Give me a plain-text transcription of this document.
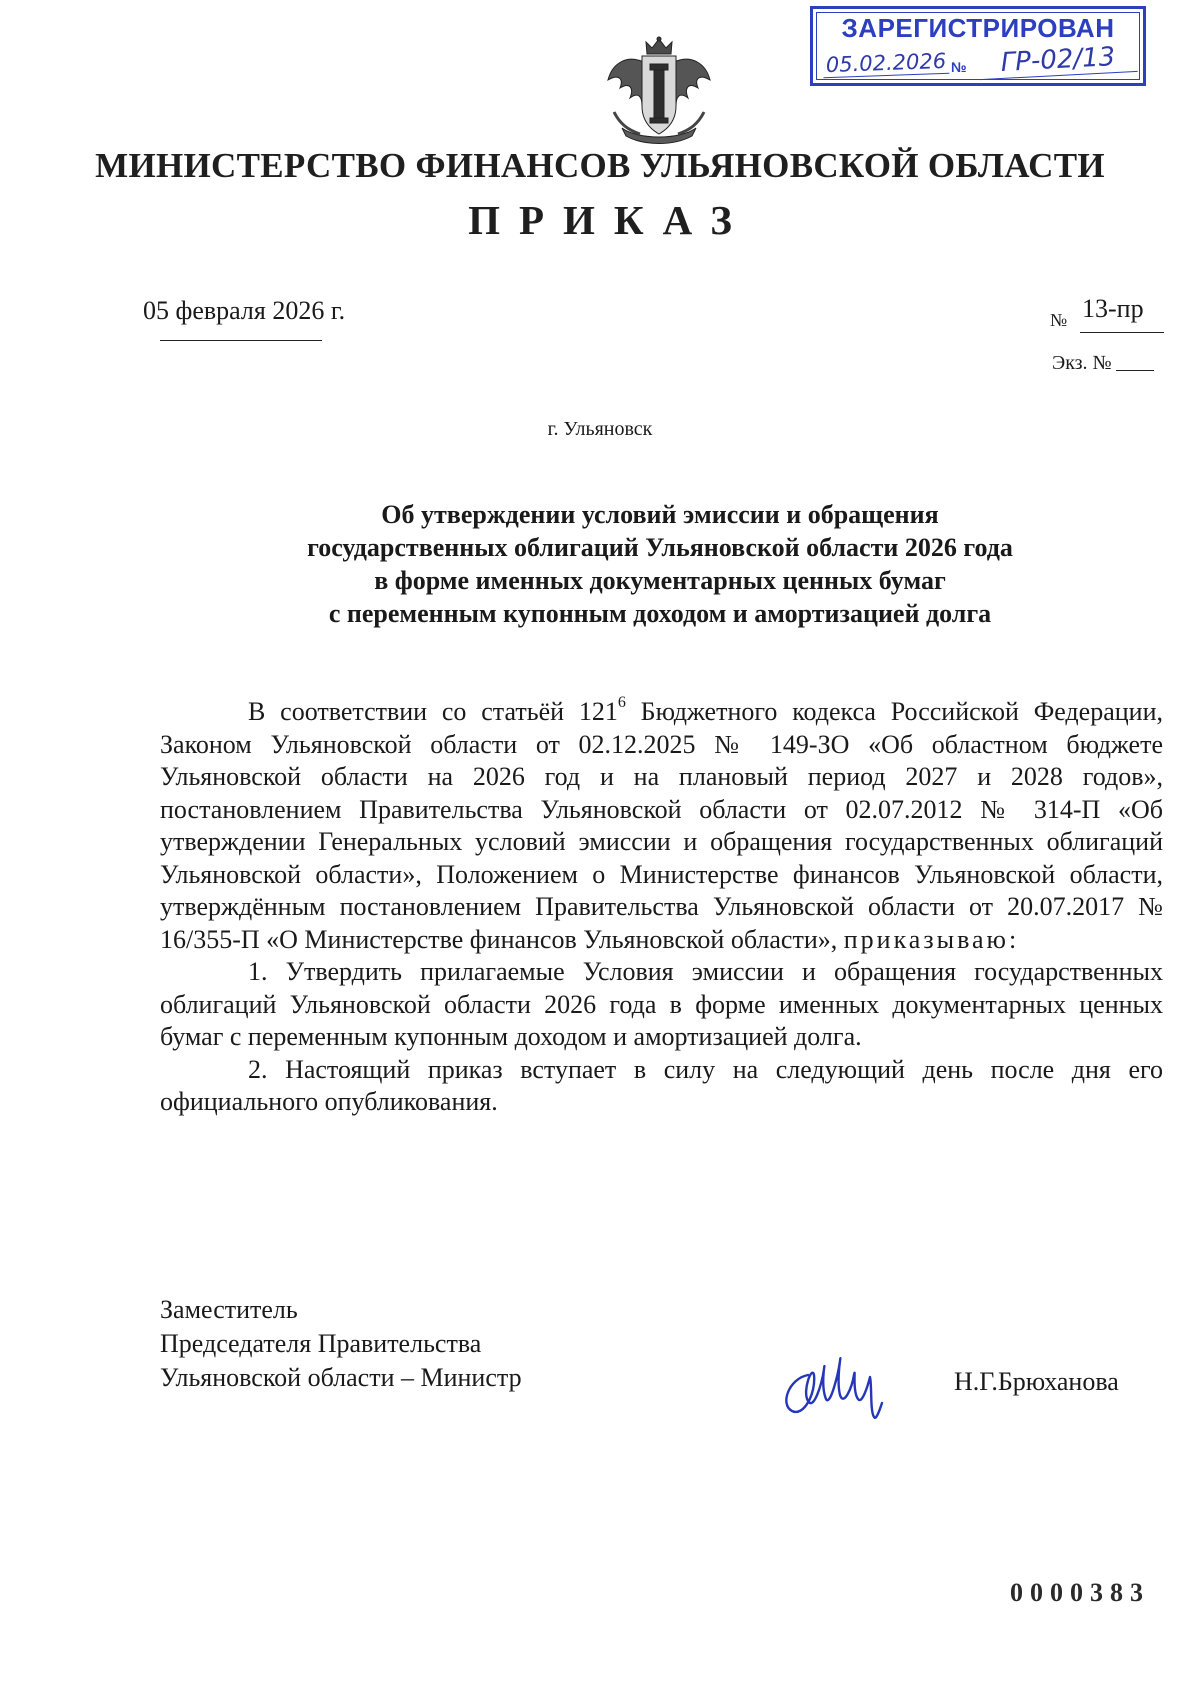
ЗАРЕГИСТРИРОВАН
05.02.2026 №	ГР-02/13
МИНИСТЕРСТВО ФИНАНСОВ УЛЬЯНОВСКОЙ ОБЛАСТИ
ПРИКАЗ
05 февраля 2026 г.	№ 13-пр
Экз. №
г. Ульяновск
Об утверждении условий эмиссии и обращения
государственных облигаций Ульяновской области 2026 года
в форме именных документарных ценных бумаг
с переменным купонным доходом и амортизацией долга

В соответствии со статьёй $121^6$ Бюджетного кодекса Российской Федерации, Законом Ульяновской области от 02.12.2025 № 149-ЗО «Об областном бюджете Ульяновской области на 2026 год и на плановый период 2027 и 2028 годов», постановлением Правительства Ульяновской области от 02.07.2012 № 314-П «Об утверждении Генеральных условий эмиссии и обращения государственных облигаций Ульяновской области», Положением о Министерстве финансов Ульяновской области, утверждённым постановлением Правительства Ульяновской области от 20.07.2017 № 16/355-П «О Министерстве финансов Ульяновской области», приказываю:

1. Утвердить прилагаемые Условия эмиссии и обращения государственных облигаций Ульяновской области 2026 года в форме именных документарных ценных бумаг с переменным купонным доходом и амортизацией долга.

2. Настоящий приказ вступает в силу на следующий день после дня его официального опубликования.

Заместитель
Председателя Правительства
Ульяновской области – Министр	Н.Г.Брюханова
0000383
